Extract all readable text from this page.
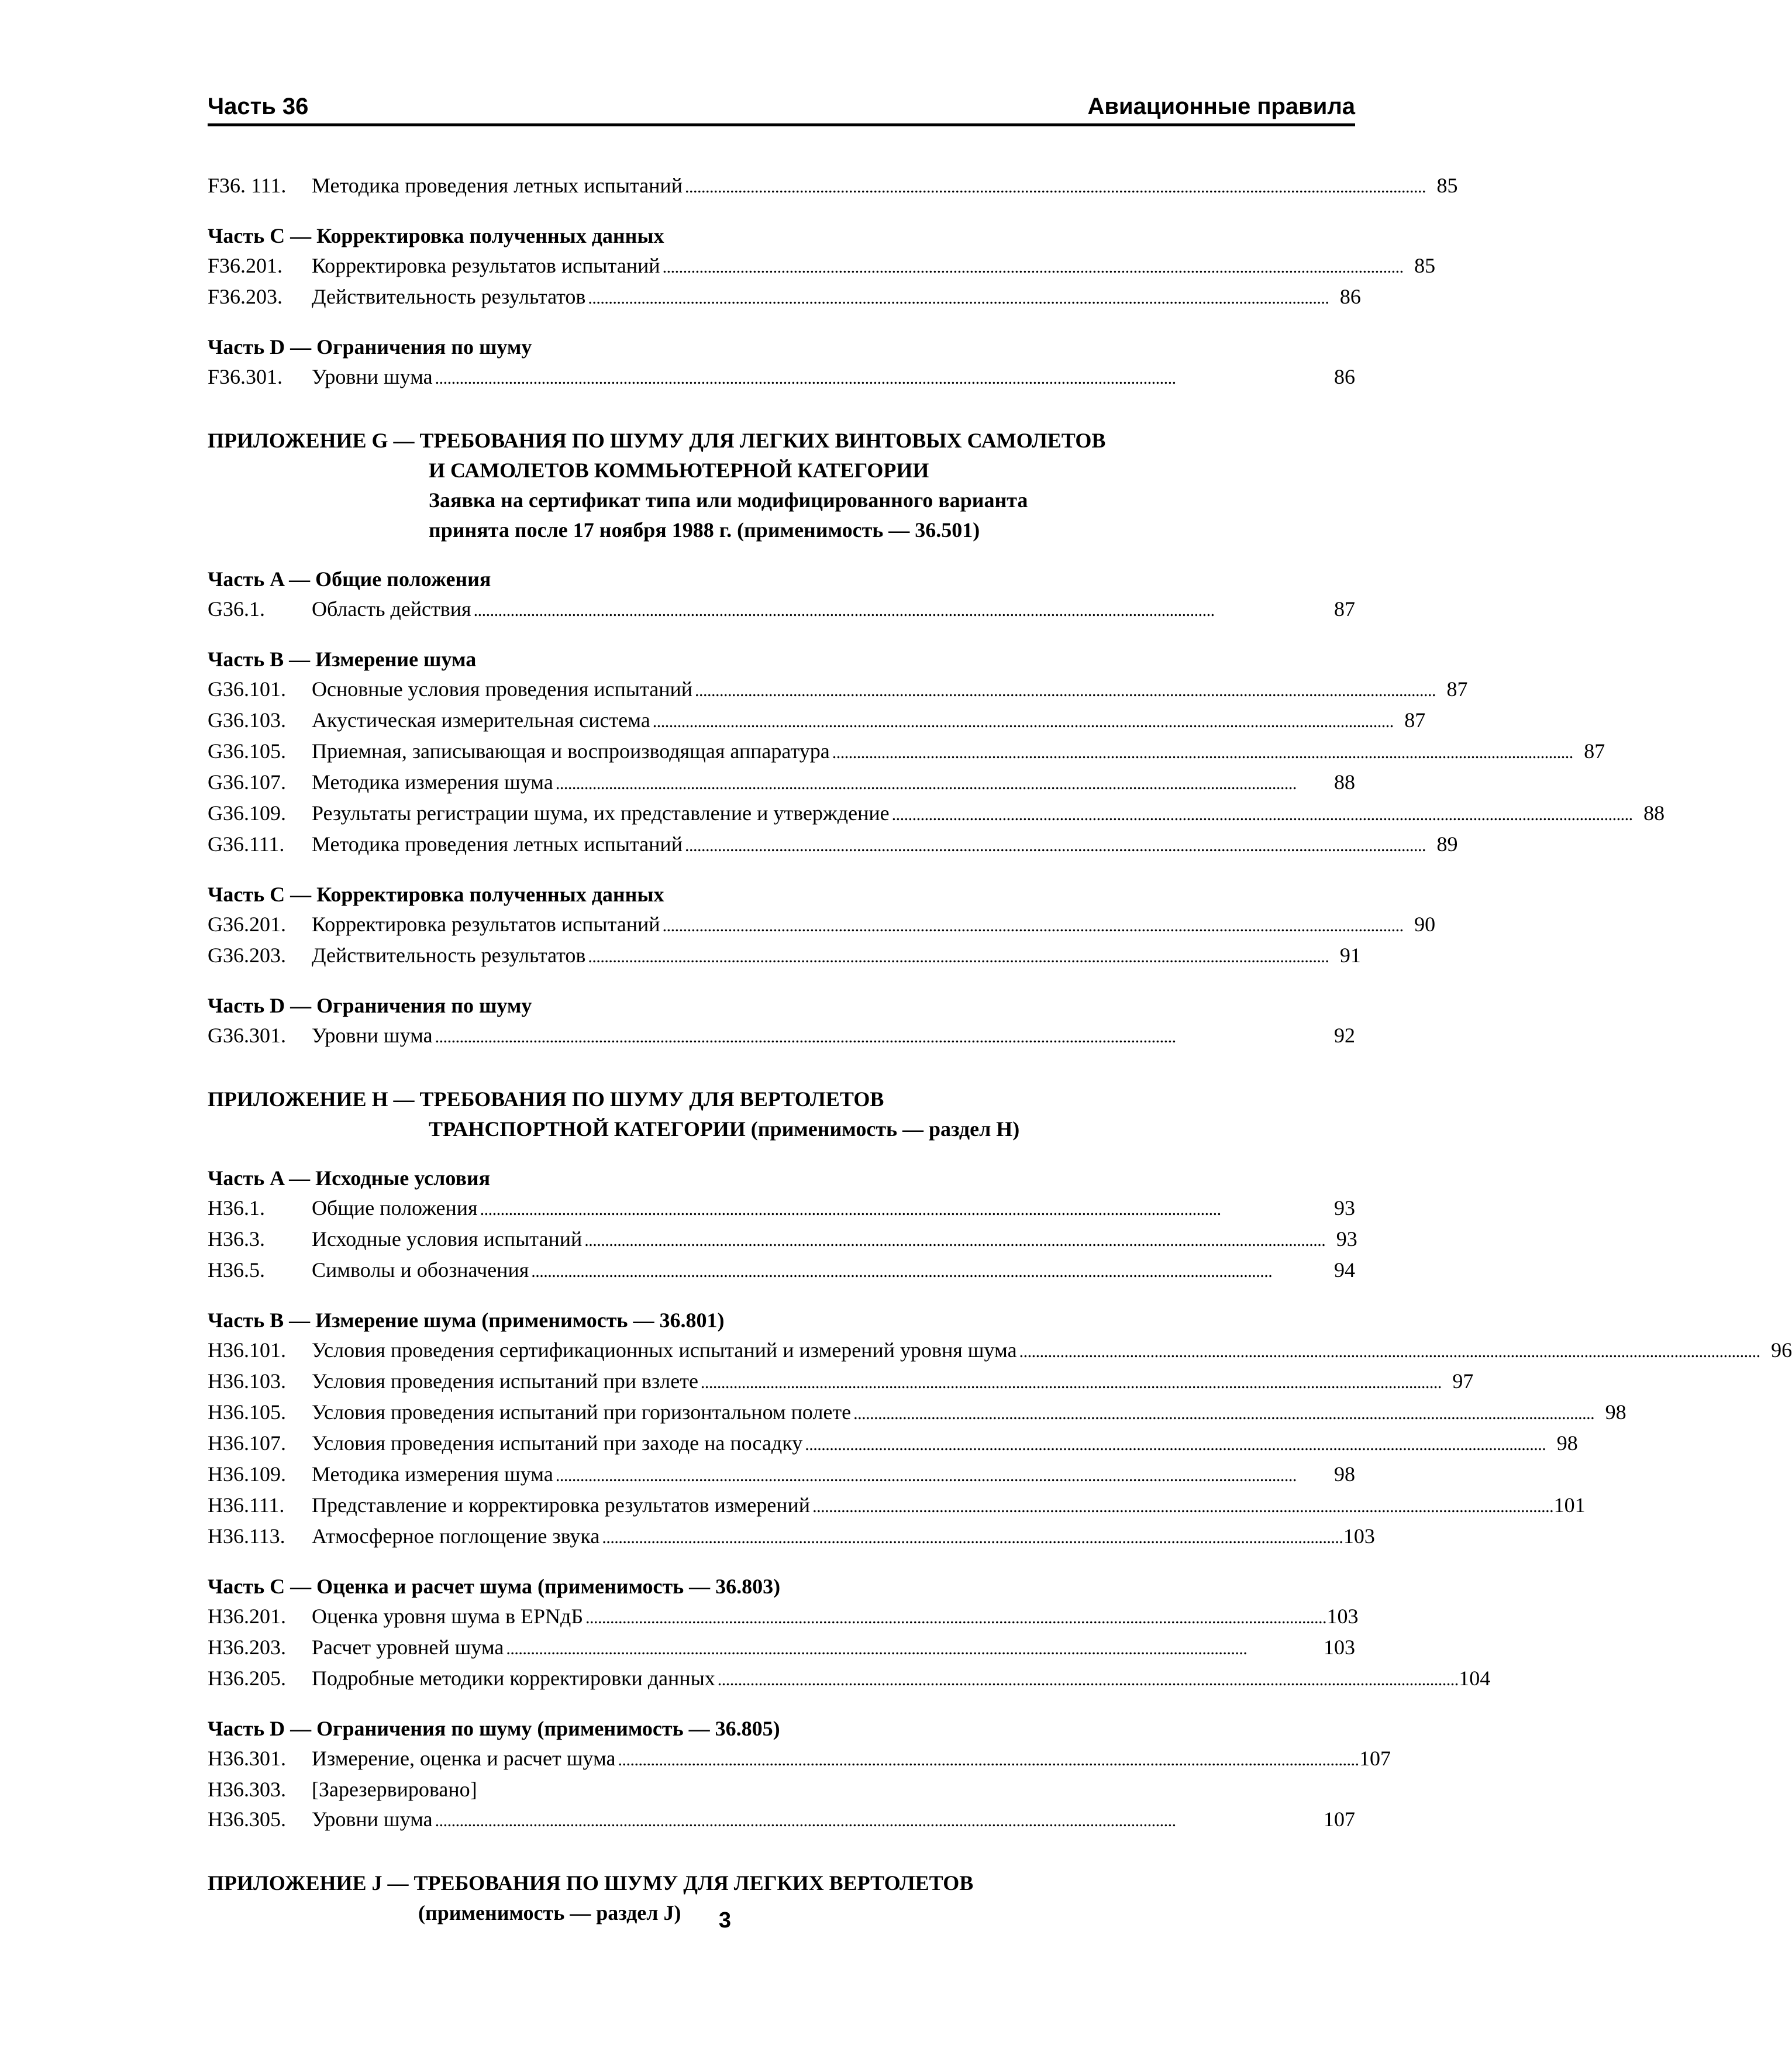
Часть 36	Авиационные правила
F36. 111.	Методика проведения летных испытаний . . .	85
Часть C — Корректировка полученных данных
F36.201.	Корректировка результатов испытаний . . .	85
F36.203.	Действительность результатов . . .	86
Часть D — Ограничения по шуму
F36.301.	Уровни шума . . .	86
ПРИЛОЖЕНИЕ G — ТРЕБОВАНИЯ ПО ШУМУ ДЛЯ ЛЕГКИХ ВИНТОВЫХ САМОЛЕТОВ
И САМОЛЕТОВ КОММЬЮТЕРНОЙ КАТЕГОРИИ
Заявка на сертификат типа или модифицированного варианта
принята после 17 ноября 1988 г. (применимость — 36.501)
Часть A — Общие положения
G36.1.	Область действия . . .	87
Часть B — Измерение шума
G36.101.	Основные условия проведения испытаний . . .	87
G36.103.	Акустическая измерительная система . . .	87
G36.105.	Приемная, записывающая и воспроизводящая аппаратура . . .	87
G36.107.	Методика измерения шума . . .	88
G36.109.	Результаты регистрации шума, их представление и утверждение . . .	88
G36.111.	Методика проведения летных испытаний . . .	89
Часть C — Корректировка полученных данных
G36.201.	Корректировка результатов испытаний . . .	90
G36.203.	Действительность результатов . . .	91
Часть D — Ограничения по шуму
G36.301.	Уровни шума . . .	92
ПРИЛОЖЕНИЕ H — ТРЕБОВАНИЯ ПО ШУМУ ДЛЯ ВЕРТОЛЕТОВ
ТРАНСПОРТНОЙ КАТЕГОРИИ (применимость — раздел H)
Часть A — Исходные условия
H36.1.	Общие положения . . .	93
H36.3.	Исходные условия испытаний . . .	93
H36.5.	Символы и обозначения . . .	94
Часть B — Измерение шума (применимость — 36.801)
H36.101.	Условия проведения сертификационных испытаний и измерений уровня шума . . .	96
H36.103.	Условия проведения испытаний при взлете . . .	97
H36.105.	Условия проведения испытаний при горизонтальном полете . . .	98
H36.107.	Условия проведения испытаний при заходе на посадку . . .	98
H36.109.	Методика измерения шума . . .	98
H36.111.	Представление и корректировка результатов измерений . . .	101
H36.113.	Атмосферное поглощение звука . . .	103
Часть C — Оценка и расчет шума (применимость — 36.803)
H36.201.	Оценка уровня шума в EPNдБ . . .	103
H36.203.	Расчет уровней шума . . .	103
H36.205.	Подробные методики корректировки данных . . .	104
Часть D — Ограничения по шуму (применимость — 36.805)
H36.301.	Измерение, оценка и расчет шума . . .	107
H36.303.	[Зарезервировано]
H36.305.	Уровни шума . . .	107
ПРИЛОЖЕНИЕ J — ТРЕБОВАНИЯ ПО ШУМУ ДЛЯ ЛЕГКИХ ВЕРТОЛЕТОВ
(применимость — раздел J)	3
